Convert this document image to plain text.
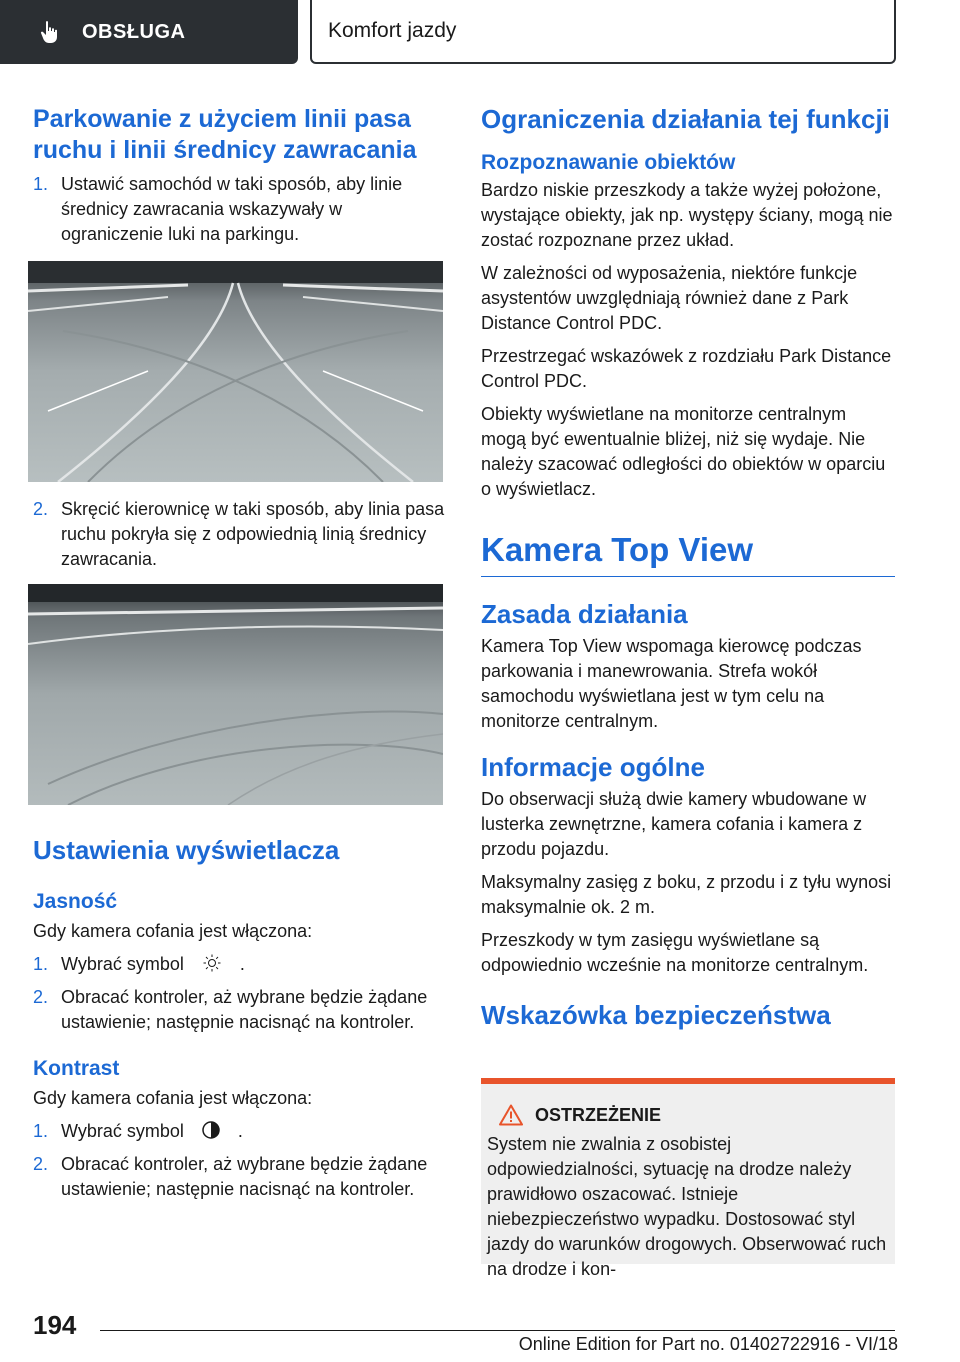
OBSŁUGA	Komfort jazdy
Parkowanie z użyciem linii pasa ruchu i linii średnicy zawracania
1. Ustawić samochód w taki sposób, aby linie średnicy zawracania wskazywały w ograniczenie luki na parkingu.
2. Skręcić kierownicę w taki sposób, aby linia pasa ruchu pokryła się z odpowiednią linią średnicy zawracania.
Ustawienia wyświetlacza
Jasność

Gdy kamera cofania jest włączona:

1. Wybrać symbol	.
2. Obracać kontroler, aż wybrane będzie żądane ustawienie; następnie nacisnąć na kontroler.
Kontrast

Gdy kamera cofania jest włączona:

1. Wybrać symbol	.
2. Obracać kontroler, aż wybrane będzie żądane ustawienie; następnie nacisnąć na kontroler.
Ograniczenia działania tej funkcji
Rozpoznawanie obiektów

Bardzo niskie przeszkody a także wyżej położone, wystające obiekty, jak np. występy ściany, mogą nie zostać rozpoznane przez układ.

W zależności od wyposażenia, niektóre funkcje asystentów uwzględniają również dane z Park Distance Control PDC.

Przestrzegać wskazówek z rozdziału Park Distance Control PDC.

Obiekty wyświetlane na monitorze centralnym mogą być ewentualnie bliżej, niż się wydaje. Nie należy szacować odległości do obiektów w oparciu o wyświetlacz.

Kamera Top View
Zasada działania

Kamera Top View wspomaga kierowcę podczas parkowania i manewrowania. Strefa wokół samochodu wyświetlana jest w tym celu na monitorze centralnym.

Informacje ogólne

Do obserwacji służą dwie kamery wbudowane w lusterka zewnętrzne, kamera cofania i kamera z przodu pojazdu.

Maksymalny zasięg z boku, z przodu i z tyłu wynosi maksymalnie ok. 2 m.

Przeszkody w tym zasięgu wyświetlane są odpowiednio wcześnie na monitorze centralnym.

Wskazówka bezpieczeństwa
OSTRZEŻENIE

System nie zwalnia z osobistej odpowiedzialności, sytuację na drodze należy prawidłowo oszacować. Istnieje niebezpieczeństwo wypadku. Dostosować styl jazdy do warunków drogowych. Obserwować ruch na drodze i kon-

194
Online Edition for Part no. 01402722916 - VI/18
